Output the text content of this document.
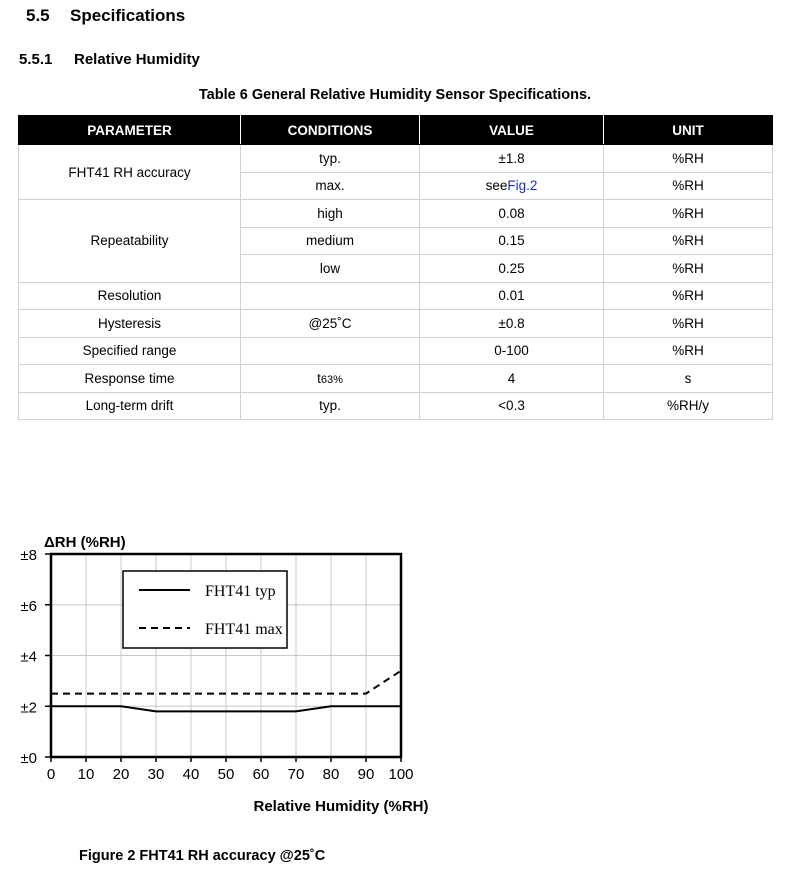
5.5 Specifications
5.5.1 Relative Humidity
Table 6 General Relative Humidity Sensor Specifications.
PARAMETER	CONDITIONS	VALUE	UNIT
FHT41 RH accuracy	typ.	±1.8	%RH
	max.	seeFig.2	%RH
Repeatability	high	0.08	%RH
	medium	0.15	%RH
	low	0.25	%RH
Resolution		0.01	%RH
Hysteresis	@25˚C	±0.8	%RH
Specified range		0-100	%RH
Response time	t63%	4	s
Long-term drift	typ.	<0.3	%RH/y
0 10 20 30 40 50 60 70 80 90 100
±0
±2
±4
±6
±8
ΔRH (%RH)
Relative Humidity (%RH)
FHT41 typ
FHT41 max
Figure 2 FHT41 RH accuracy @25˚C
